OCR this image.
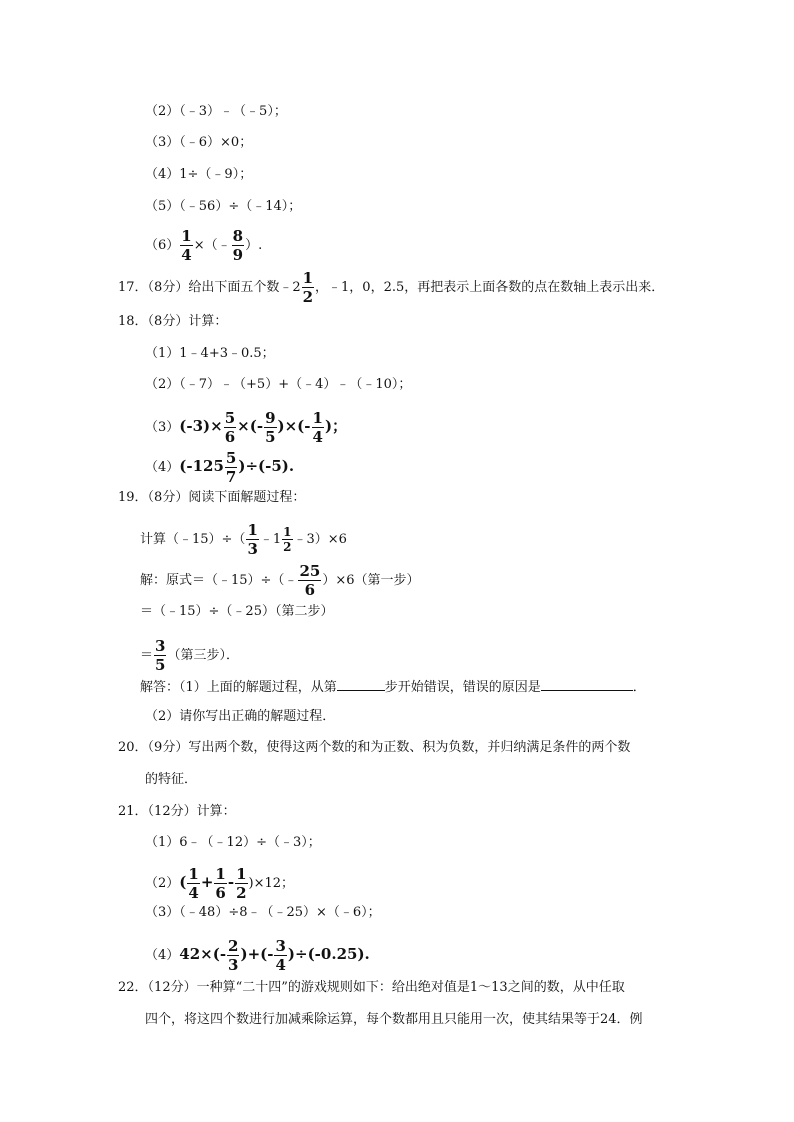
（2）（﹣3）﹣（﹣5）；
（3）（﹣6）×0；
（4）1÷（﹣9）；
（5）（﹣56）÷（﹣14）；
$(6) \frac{1}{4}$ ×（﹣ $\frac{8}{9}$ ）.
17．（8分）给出下面五个数﹣2 $\frac{1}{2}$ ，﹣1，0，2.5，再把表示上面各数的点在数轴上表示出来．
18．（8分）计算：
（1）1﹣4+3﹣0.5；
（2）（﹣7）﹣（+5）+（﹣4）﹣（﹣10）；
$(3)(-3)\times \frac{5}{6}$ ×(- $\frac{9}{5}$ )×(- $\frac{1}{4}$ )；
$(4)(-125 \frac{5}{7} )\div(-5)$.
19．（8分）阅读下面解题过程：
计算（﹣15）÷（ $\frac{1}{3}$ ﹣1 $\frac{1}{2}$ ﹣3）×6
解：原式＝（﹣15）÷（﹣ $\frac{25}{6} )\times 6$（第一步）
＝（﹣15）÷（﹣25）（第二步）
＝ $\frac{3}{5}$ （第三步）．
解答：（1）上面的解题过程，从第	步开始错误，错误的原因是	．
（2）请你写出正确的解题过程．
20．（9分）写出两个数，使得这两个数的和为正数、积为负数，并归纳满足条件的两个数
的特征．
21．（12分）计算：
（1）6﹣（﹣12）÷（﹣3）；
$(2)( \frac{1}{4} + \frac{1}{6} - \frac{1}{2} )\times 12$；
（3）（﹣48）÷8﹣（﹣25）×（﹣6）；
$(4)42\times(- \frac{2}{3}$ )+(- $\frac{3}{4} )\div(-0.25)$.
22．（12分）一种算“二十四”的游戏规则如下：给出绝对值是1～13之间的数，从中任取
四个，将这四个数进行加减乘除运算，每个数都用且只能用一次，使其结果等于24．例
